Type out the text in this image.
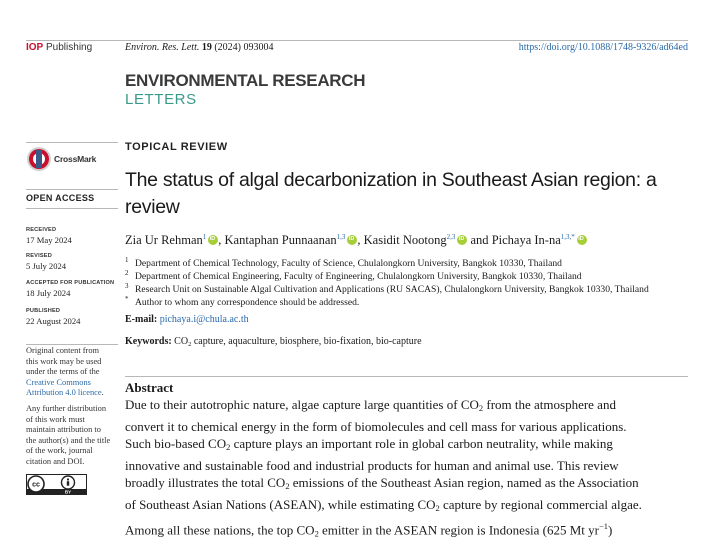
IOP Publishing	Environ. Res. Lett. 19 (2024) 093004	https://doi.org/10.1088/1748-9326/ad64ed
ENVIRONMENTAL RESEARCH
LETTERS
CrossMark
OPEN ACCESS
RECEIVED
17 May 2024
REVISED
5 July 2024
ACCEPTED FOR PUBLICATION
18 July 2024
PUBLISHED
22 August 2024
Original content from
this work may be used
under the terms of the
Creative Commons
Attribution 4.0 licence.
Any further distribution
of this work must
maintain attribution to
the author(s) and the title
of the work, journal
citation and DOI.
cc
BY
TOPICAL REVIEW
The status of algal decarbonization in Southeast Asian region: a
review
Zia Ur Rehman$^1$ iD , Kantaphan Punnaanan$^{1,3}$ iD , Kasidit Nootong$^{2,3}$iD and Pichaya $In-na^{1,3,*}iD$
1 Department of Chemical Technology, Faculty of Science, Chulalongkorn University, Bangkok 10330, Thailand
2 Department of Chemical Engineering, Faculty of Engineering, Chulalongkorn University, Bangkok 10330, Thailand
3 Research Unit on Sustainable Algal Cultivation and Applications (RU SACAS), Chulalongkorn University, Bangkok 10330, Thailand
* Author to whom any correspondence should be addressed.
E-mail: pichaya.i@chula.ac.th
Keywords: $CO_2$ capture, aquaculture, biosphere, bio-fixation, bio-capture
Abstract
Due to their autotrophic nature, algae capture large quantities of $CO_2$ from the atmosphere and
convert it to chemical energy in the form of biomolecules and cell mass for various applications.
Such bio-based $CO_2$ capture plays an important role in global carbon neutrality, while making
innovative and sustainable food and industrial products for human and animal use. This review
broadly illustrates the total $CO_2$ emissions of the Southeast Asian region, named as the Association
of Southeast Asian Nations (ASEAN), while estimating $CO_2$ capture by regional commercial algae.
Among all these nations, the top $CO_2$ emitter in the ASEAN region is Indonesia (625 Mt $yr^{-1}$)
